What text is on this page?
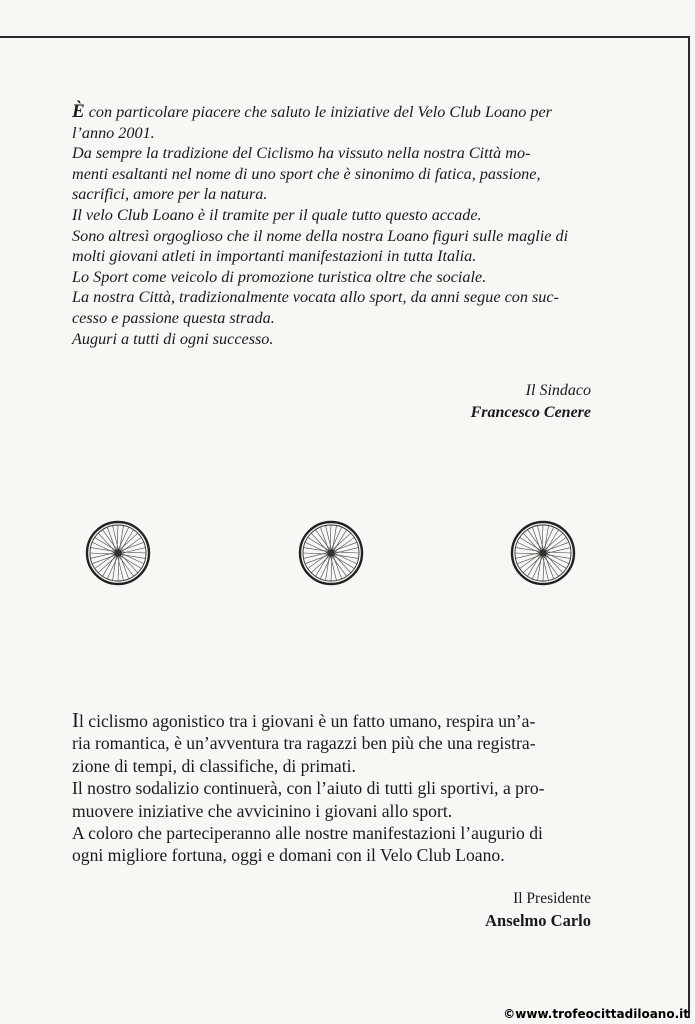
È con particolare piacere che saluto le iniziative del Velo Club Loano per

l’anno 2001.

Da sempre la tradizione del Ciclismo ha vissuto nella nostra Città mo-

menti esaltanti nel nome di uno sport che è sinonimo di fatica, passione,

sacrifici, amore per la natura.

Il velo Club Loano è il tramite per il quale tutto questo accade.

Sono altresì orgoglioso che il nome della nostra Loano figuri sulle maglie di

molti giovani atleti in importanti manifestazioni in tutta Italia.

Lo Sport come veicolo di promozione turistica oltre che sociale.

La nostra Città, tradizionalmente vocata allo sport, da anni segue con suc-

cesso e passione questa strada.

Auguri a tutti di ogni successo.

Il Sindaco
Francesco Cenere

Il ciclismo agonistico tra i giovani è un fatto umano, respira un’a-

ria romantica, è un’avventura tra ragazzi ben più che una registra-

zione di tempi, di classifiche, di primati.

Il nostro sodalizio continuerà, con l’aiuto di tutti gli sportivi, a pro-

muovere iniziative che avvicinino i giovani allo sport.

A coloro che parteciperanno alle nostre manifestazioni l’augurio di

ogni migliore fortuna, oggi e domani con il Velo Club Loano.

Il Presidente
Anselmo Carlo
©www.trofeocittadiloano.it
